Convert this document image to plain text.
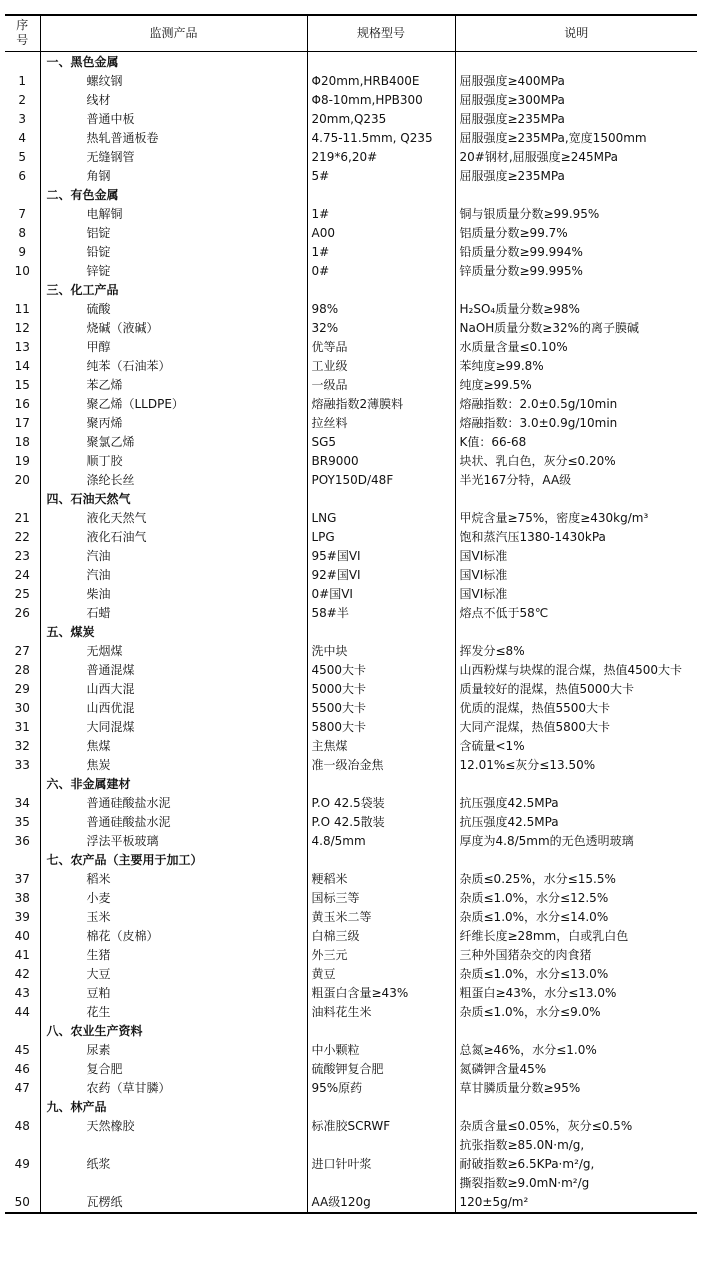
序号	监测产品	规格型号	说明
	一、黑色金属		
1	螺纹钢	Φ20mm,HRB400E	屈服强度≥400MPa
2	线材	Φ8-10mm,HPB300	屈服强度≥300MPa
3	普通中板	20mm,Q235	屈服强度≥235MPa
4	热轧普通板卷	4.75-11.5mm, Q235	屈服强度≥235MPa,宽度1500mm
5	无缝钢管	219*6,20#	20#钢材,屈服强度≥245MPa
6	角钢	5#	屈服强度≥235MPa
	二、有色金属		
7	电解铜	1#	铜与银质量分数≥99.95%
8	铝锭	A00	铝质量分数≥99.7%
9	铅锭	1#	铅质量分数≥99.994%
10	锌锭	0#	锌质量分数≥99.995%
	三、化工产品		
11	硫酸	98%	H₂SO₄质量分数≥98%
12	烧碱（液碱）	32%	NaOH质量分数≥32%的离子膜碱
13	甲醇	优等品	水质量含量≤0.10%
14	纯苯（石油苯）	工业级	苯纯度≥99.8%
15	苯乙烯	一级品	纯度≥99.5%
16	聚乙烯（LLDPE）	熔融指数2薄膜料	熔融指数：2.0±0.5g/10min
17	聚丙烯	拉丝料	熔融指数：3.0±0.9g/10min
18	聚氯乙烯	SG5	K值：66-68
19	顺丁胶	BR9000	块状、乳白色，灰分≤0.20%
20	涤纶长丝	POY150D/48F	半光167分特，AA级
	四、石油天然气		
21	液化天然气	LNG	甲烷含量≥75%，密度≥430kg/m³
22	液化石油气	LPG	饱和蒸汽压1380-1430kPa
23	汽油	95#国VI	国VI标准
24	汽油	92#国VI	国VI标准
25	柴油	0#国VI	国VI标准
26	石蜡	58#半	熔点不低于58℃
	五、煤炭		
27	无烟煤	洗中块	挥发分≤8%
28	普通混煤	4500大卡	山西粉煤与块煤的混合煤，热值4500大卡
29	山西大混	5000大卡	质量较好的混煤，热值5000大卡
30	山西优混	5500大卡	优质的混煤，热值5500大卡
31	大同混煤	5800大卡	大同产混煤，热值5800大卡
32	焦煤	主焦煤	含硫量<1%
33	焦炭	准一级冶金焦	12.01%≤灰分≤13.50%
	六、非金属建材		
34	普通硅酸盐水泥	P.O 42.5袋装	抗压强度42.5MPa
35	普通硅酸盐水泥	P.O 42.5散装	抗压强度42.5MPa
36	浮法平板玻璃	4.8/5mm	厚度为4.8/5mm的无色透明玻璃
	七、农产品（主要用于加工）		
37	稻米	粳稻米	杂质≤0.25%，水分≤15.5%
38	小麦	国标三等	杂质≤1.0%，水分≤12.5%
39	玉米	黄玉米二等	杂质≤1.0%，水分≤14.0%
40	棉花（皮棉）	白棉三级	纤维长度≥28mm，白或乳白色
41	生猪	外三元	三种外国猪杂交的肉食猪
42	大豆	黄豆	杂质≤1.0%，水分≤13.0%
43	豆粕	粗蛋白含量≥43%	粗蛋白≥43%，水分≤13.0%
44	花生	油料花生米	杂质≤1.0%，水分≤9.0%
	八、农业生产资料		
45	尿素	中小颗粒	总氮≥46%，水分≤1.0%
46	复合肥	硫酸钾复合肥	氮磷钾含量45%
47	农药（草甘膦）	95%原药	草甘膦质量分数≥95%
	九、林产品		
48	天然橡胶	标准胶SCRWF	杂质含量≤0.05%，灰分≤0.5%
49	纸浆	进口针叶浆	抗张指数≥85.0N·m/g,
耐破指数≥6.5KPa·m²/g,
撕裂指数≥9.0mN·m²/g
50	瓦楞纸	AA级120g	120±5g/m²
